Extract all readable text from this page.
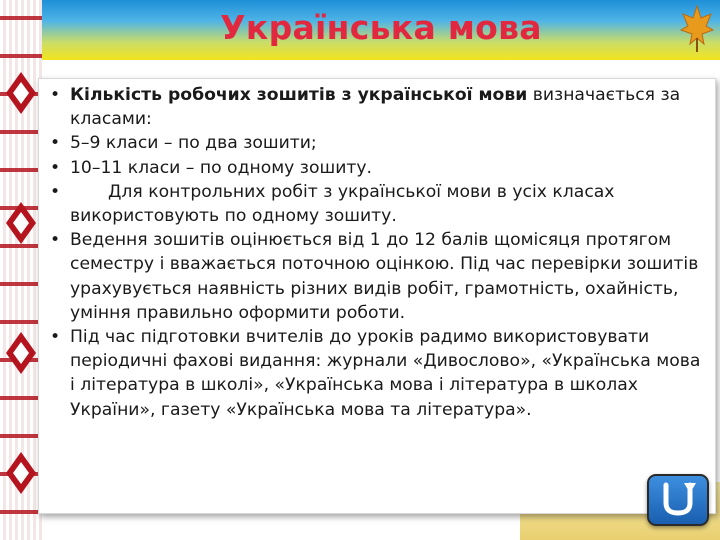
Українська мова
• Кількість робочих зошитів з української мови визначається за класами:
• 5–9 класи – по два зошити;
• 10–11 класи – по одному зошиту.
•	Для контрольних робіт з української мови в усіх класах використовують по одному зошиту.
• Ведення зошитів оцінюється від 1 до 12 балів щомісяця протягом семестру і вважається поточною оцінкою. Під час перевірки зошитів урахувується наявність різних видів робіт, грамотність, охайність, уміння правильно оформити роботи.
• Під час підготовки вчителів до уроків радимо використовувати періодичні фахові видання: журнали «Дивослово», «Українська мова і література в школі», «Українська мова і література в школах України», газету «Українська мова та література».
